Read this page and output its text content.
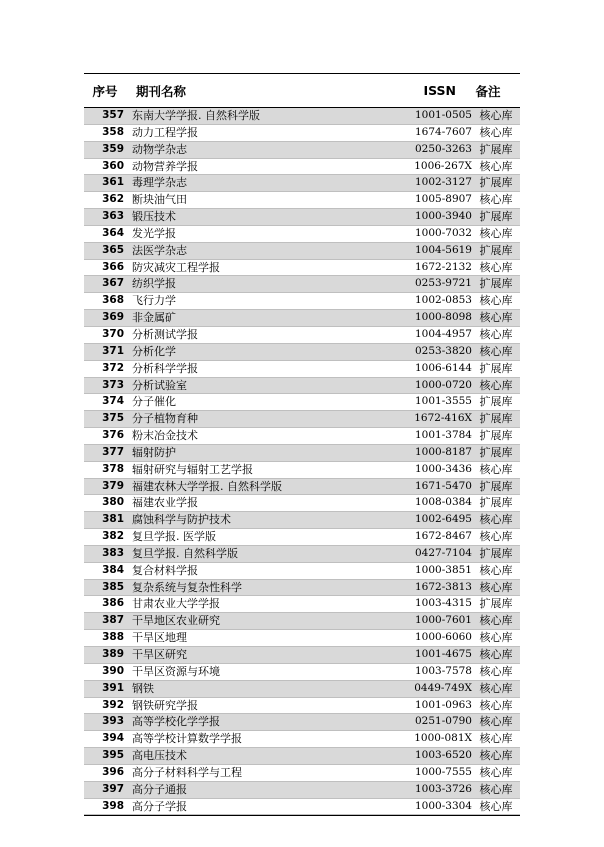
序号	期刊名称	ISSN	备注
357 东南大学学报. 自然科学版	1001-0505 核心库
358 动力工程学报	1674-7607 核心库
359 动物学杂志	0250-3263 扩展库
360 动物营养学报	1006-267X 核心库
361 毒理学杂志	1002-3127 扩展库
362 断块油气田	1005-8907 核心库
363 锻压技术	1000-3940 扩展库
364 发光学报	1000-7032 核心库
365 法医学杂志	1004-5619 扩展库
366 防灾减灾工程学报	1672-2132 核心库
367 纺织学报	0253-9721 扩展库
368 飞行力学	1002-0853 核心库
369 非金属矿	1000-8098 核心库
370 分析测试学报	1004-4957 核心库
371 分析化学	0253-3820 核心库
372 分析科学学报	1006-6144 扩展库
373 分析试验室	1000-0720 核心库
374 分子催化	1001-3555 扩展库
375 分子植物育种	1672-416X 扩展库
376 粉末冶金技术	1001-3784 扩展库
377 辐射防护	1000-8187 扩展库
378 辐射研究与辐射工艺学报	1000-3436 核心库
379 福建农林大学学报. 自然科学版	1671-5470 扩展库
380 福建农业学报	1008-0384 扩展库
381 腐蚀科学与防护技术	1002-6495 核心库
382 复旦学报. 医学版	1672-8467 核心库
383 复旦学报. 自然科学版	0427-7104 扩展库
384 复合材料学报	1000-3851 核心库
385 复杂系统与复杂性科学	1672-3813 核心库
386 甘肃农业大学学报	1003-4315 扩展库
387 干旱地区农业研究	1000-7601 核心库
388 干旱区地理	1000-6060 核心库
389 干旱区研究	1001-4675 核心库
390 干旱区资源与环境	1003-7578 核心库
391 钢铁	0449-749X 核心库
392 钢铁研究学报	1001-0963 核心库
393 高等学校化学学报	0251-0790 核心库
394 高等学校计算数学学报	1000-081X 核心库
395 高电压技术	1003-6520 核心库
396 高分子材料科学与工程	1000-7555 核心库
397 高分子通报	1003-3726 核心库
398 高分子学报	1000-3304 核心库
